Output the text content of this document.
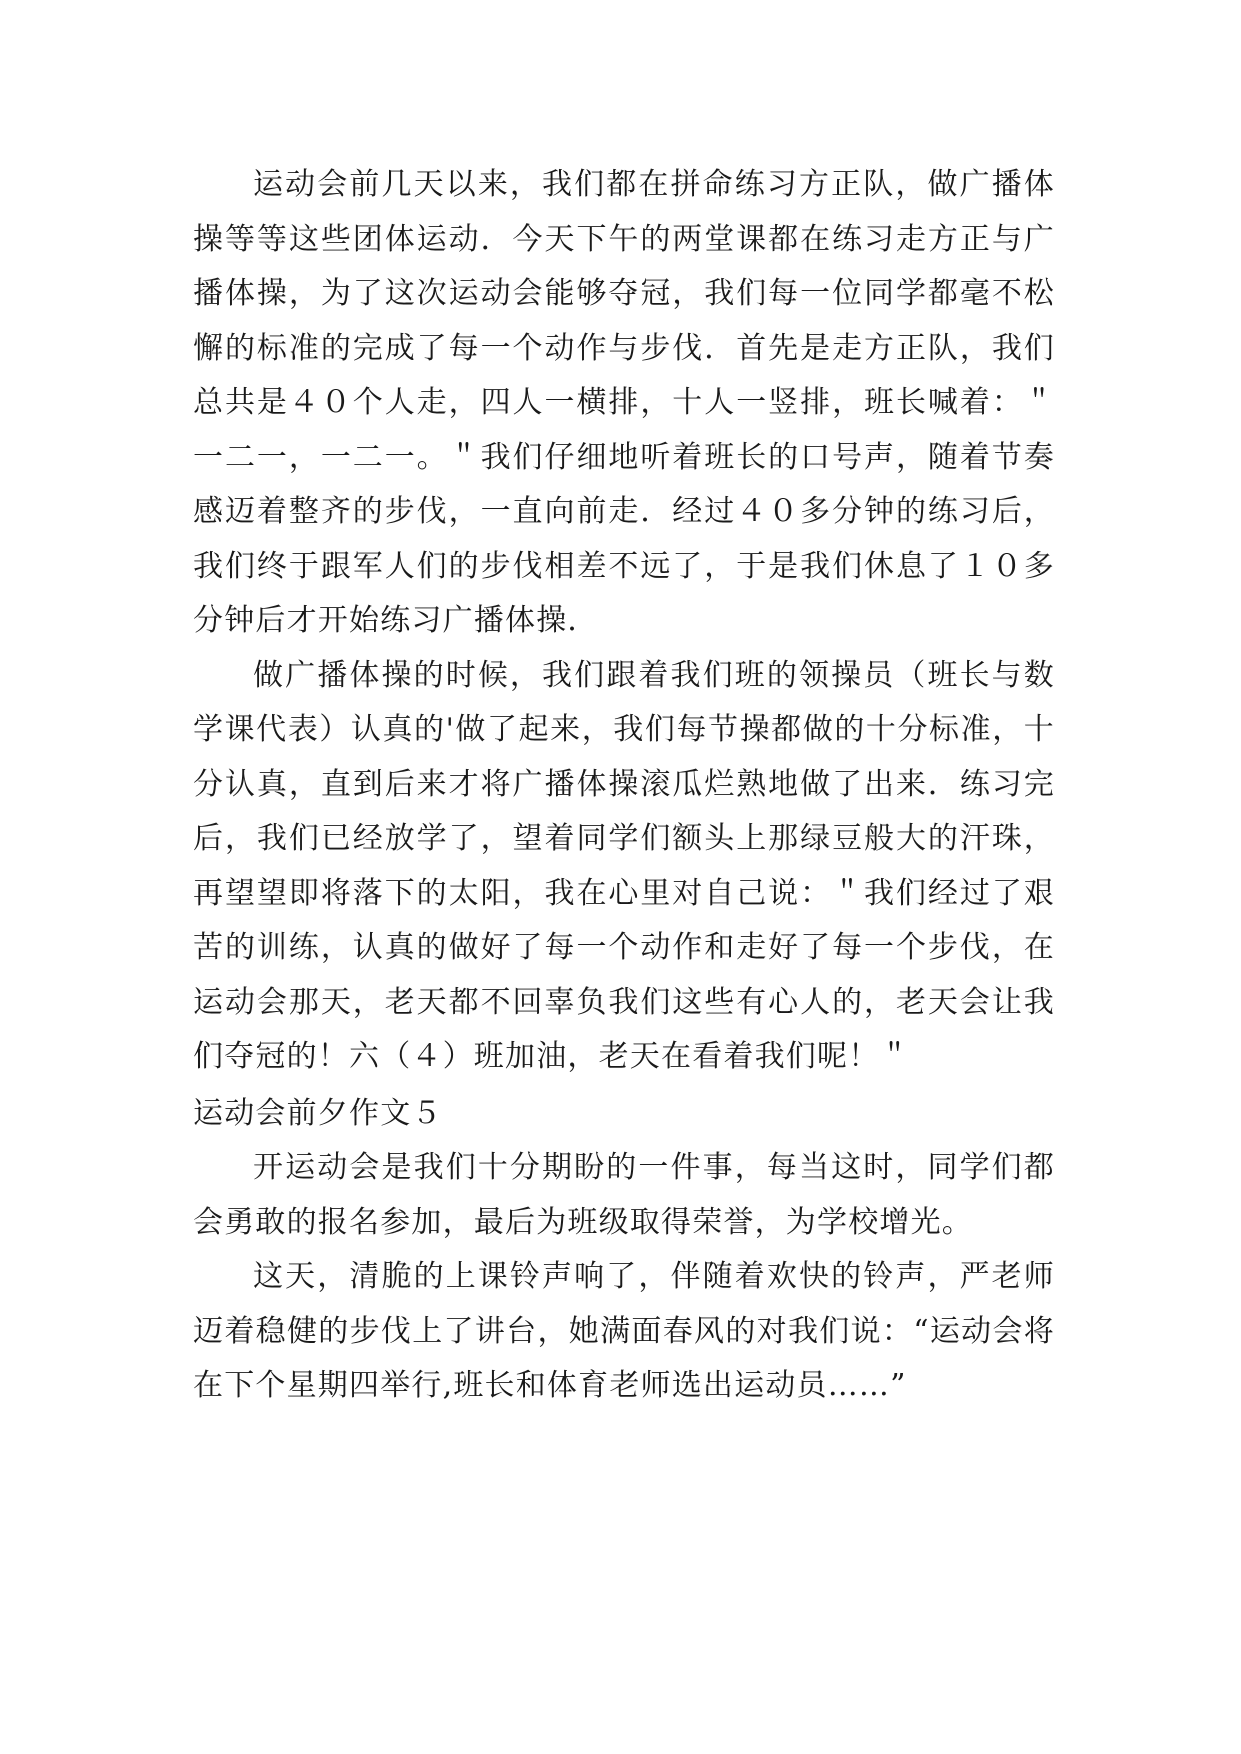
运动会前几天以来，我们都在拼命练习方正队，做广播体操等等这些团体运动．今天下午的两堂课都在练习走方正与广播体操，为了这次运动会能够夺冠，我们每一位同学都毫不松懈的标准的完成了每一个动作与步伐．首先是走方正队，我们总共是４０个人走，四人一横排，十人一竖排，班长喊着：＂一二一，一二一。＂我们仔细地听着班长的口号声，随着节奏感迈着整齐的步伐，一直向前走．经过４０多分钟的练习后，我们终于跟军人们的步伐相差不远了，于是我们休息了１０多分钟后才开始练习广播体操．

做广播体操的时候，我们跟着我们班的领操员（班长与数学课代表）认真的'做了起来，我们每节操都做的十分标准，十分认真，直到后来才将广播体操滚瓜烂熟地做了出来．练习完后，我们已经放学了，望着同学们额头上那绿豆般大的汗珠，再望望即将落下的太阳，我在心里对自己说：＂我们经过了艰苦的训练，认真的做好了每一个动作和走好了每一个步伐，在运动会那天，老天都不回辜负我们这些有心人的，老天会让我们夺冠的！六（４）班加油，老天在看着我们呢！＂

运动会前夕作文５

开运动会是我们十分期盼的一件事，每当这时，同学们都会勇敢的报名参加，最后为班级取得荣誉，为学校增光。

这天，清脆的上课铃声响了，伴随着欢快的铃声，严老师迈着稳健的步伐上了讲台，她满面春风的对我们说：“运动会将在下个星期四举行,班长和体育老师选出运动员……”
